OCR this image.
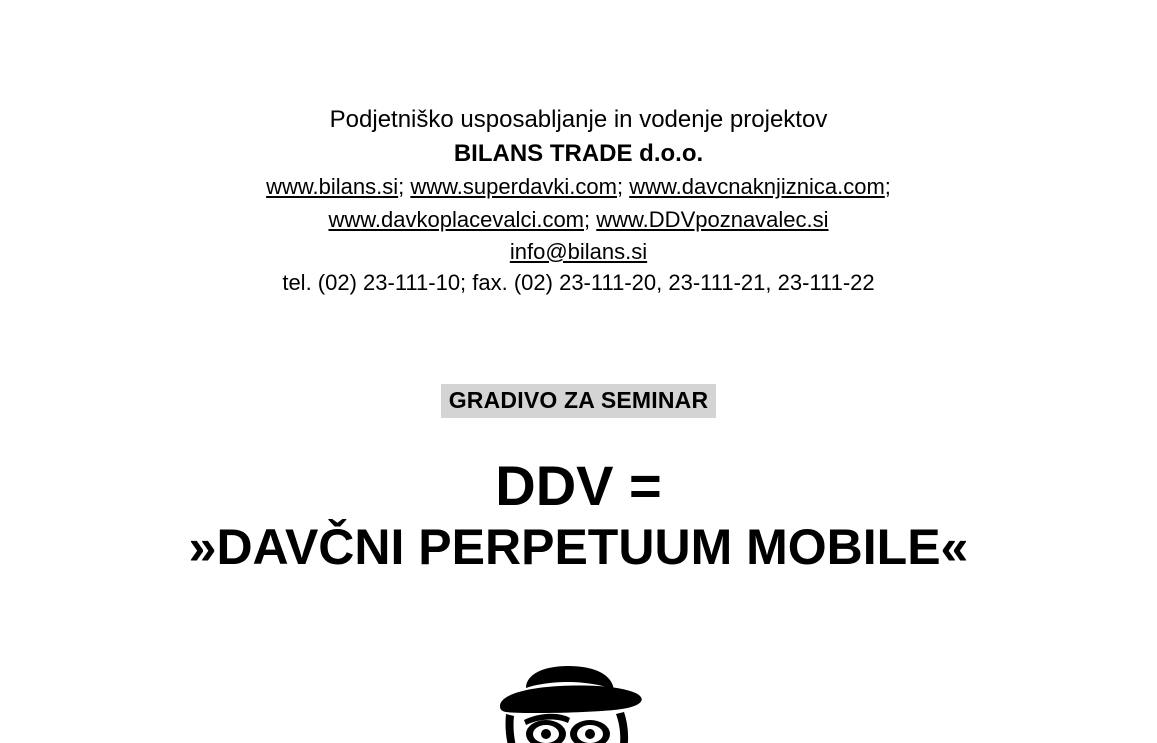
Podjetniško usposabljanje in vodenje projektov
BILANS TRADE d.o.o.
www.bilans.si; www.superdavki.com; www.davcnaknjiznica.com;
www.davkoplacevalci.com; www.DDVpoznavalec.si
info@bilans.si
tel. (02) 23-111-10; fax. (02) 23-111-20, 23-111-21, 23-111-22
GRADIVO ZA SEMINAR
DDV =
»DAVČNI PERPETUUM MOBILE«
